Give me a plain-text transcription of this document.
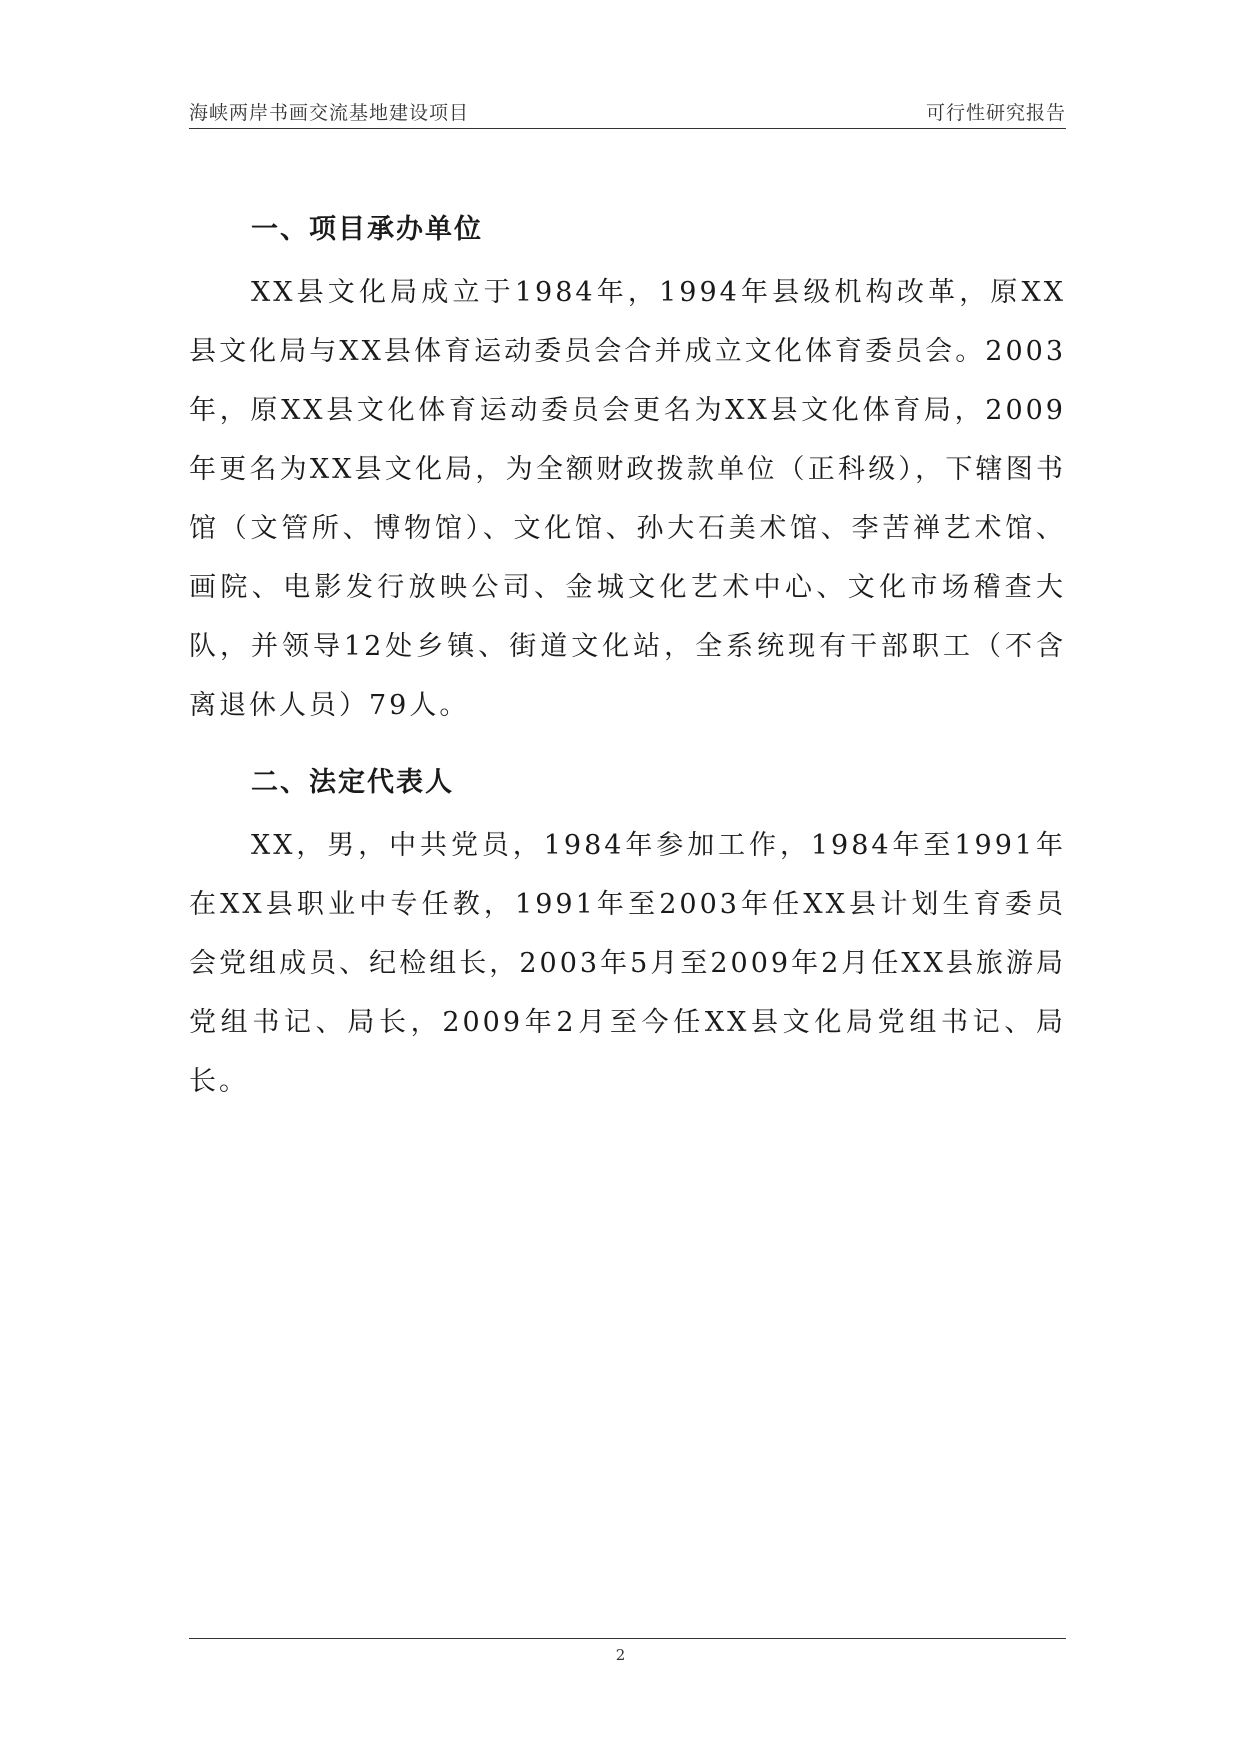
海峡两岸书画交流基地建设项目	可行性研究报告
一、项目承办单位

XX县文化局成立于1984年，1994年县级机构改革，原XX县文化局与XX县体育运动委员会合并成立文化体育委员会。2003年，原XX县文化体育运动委员会更名为XX县文化体育局，2009年更名为XX县文化局，为全额财政拨款单位（正科级），下辖图书馆（文管所、博物馆）、文化馆、孙大石美术馆、李苦禅艺术馆、画院、电影发行放映公司、金城文化艺术中心、文化市场稽查大队，并领导12处乡镇、街道文化站，全系统现有干部职工（不含离退休人员）79人。

二、法定代表人

XX，男，中共党员，1984年参加工作，1984年至1991年在XX县职业中专任教，1991年至2003年任XX县计划生育委员会党组成员、纪检组长，2003年5月至2009年2月任XX县旅游局党组书记、局长，2009年2月至今任XX县文化局党组书记、局长。

2
